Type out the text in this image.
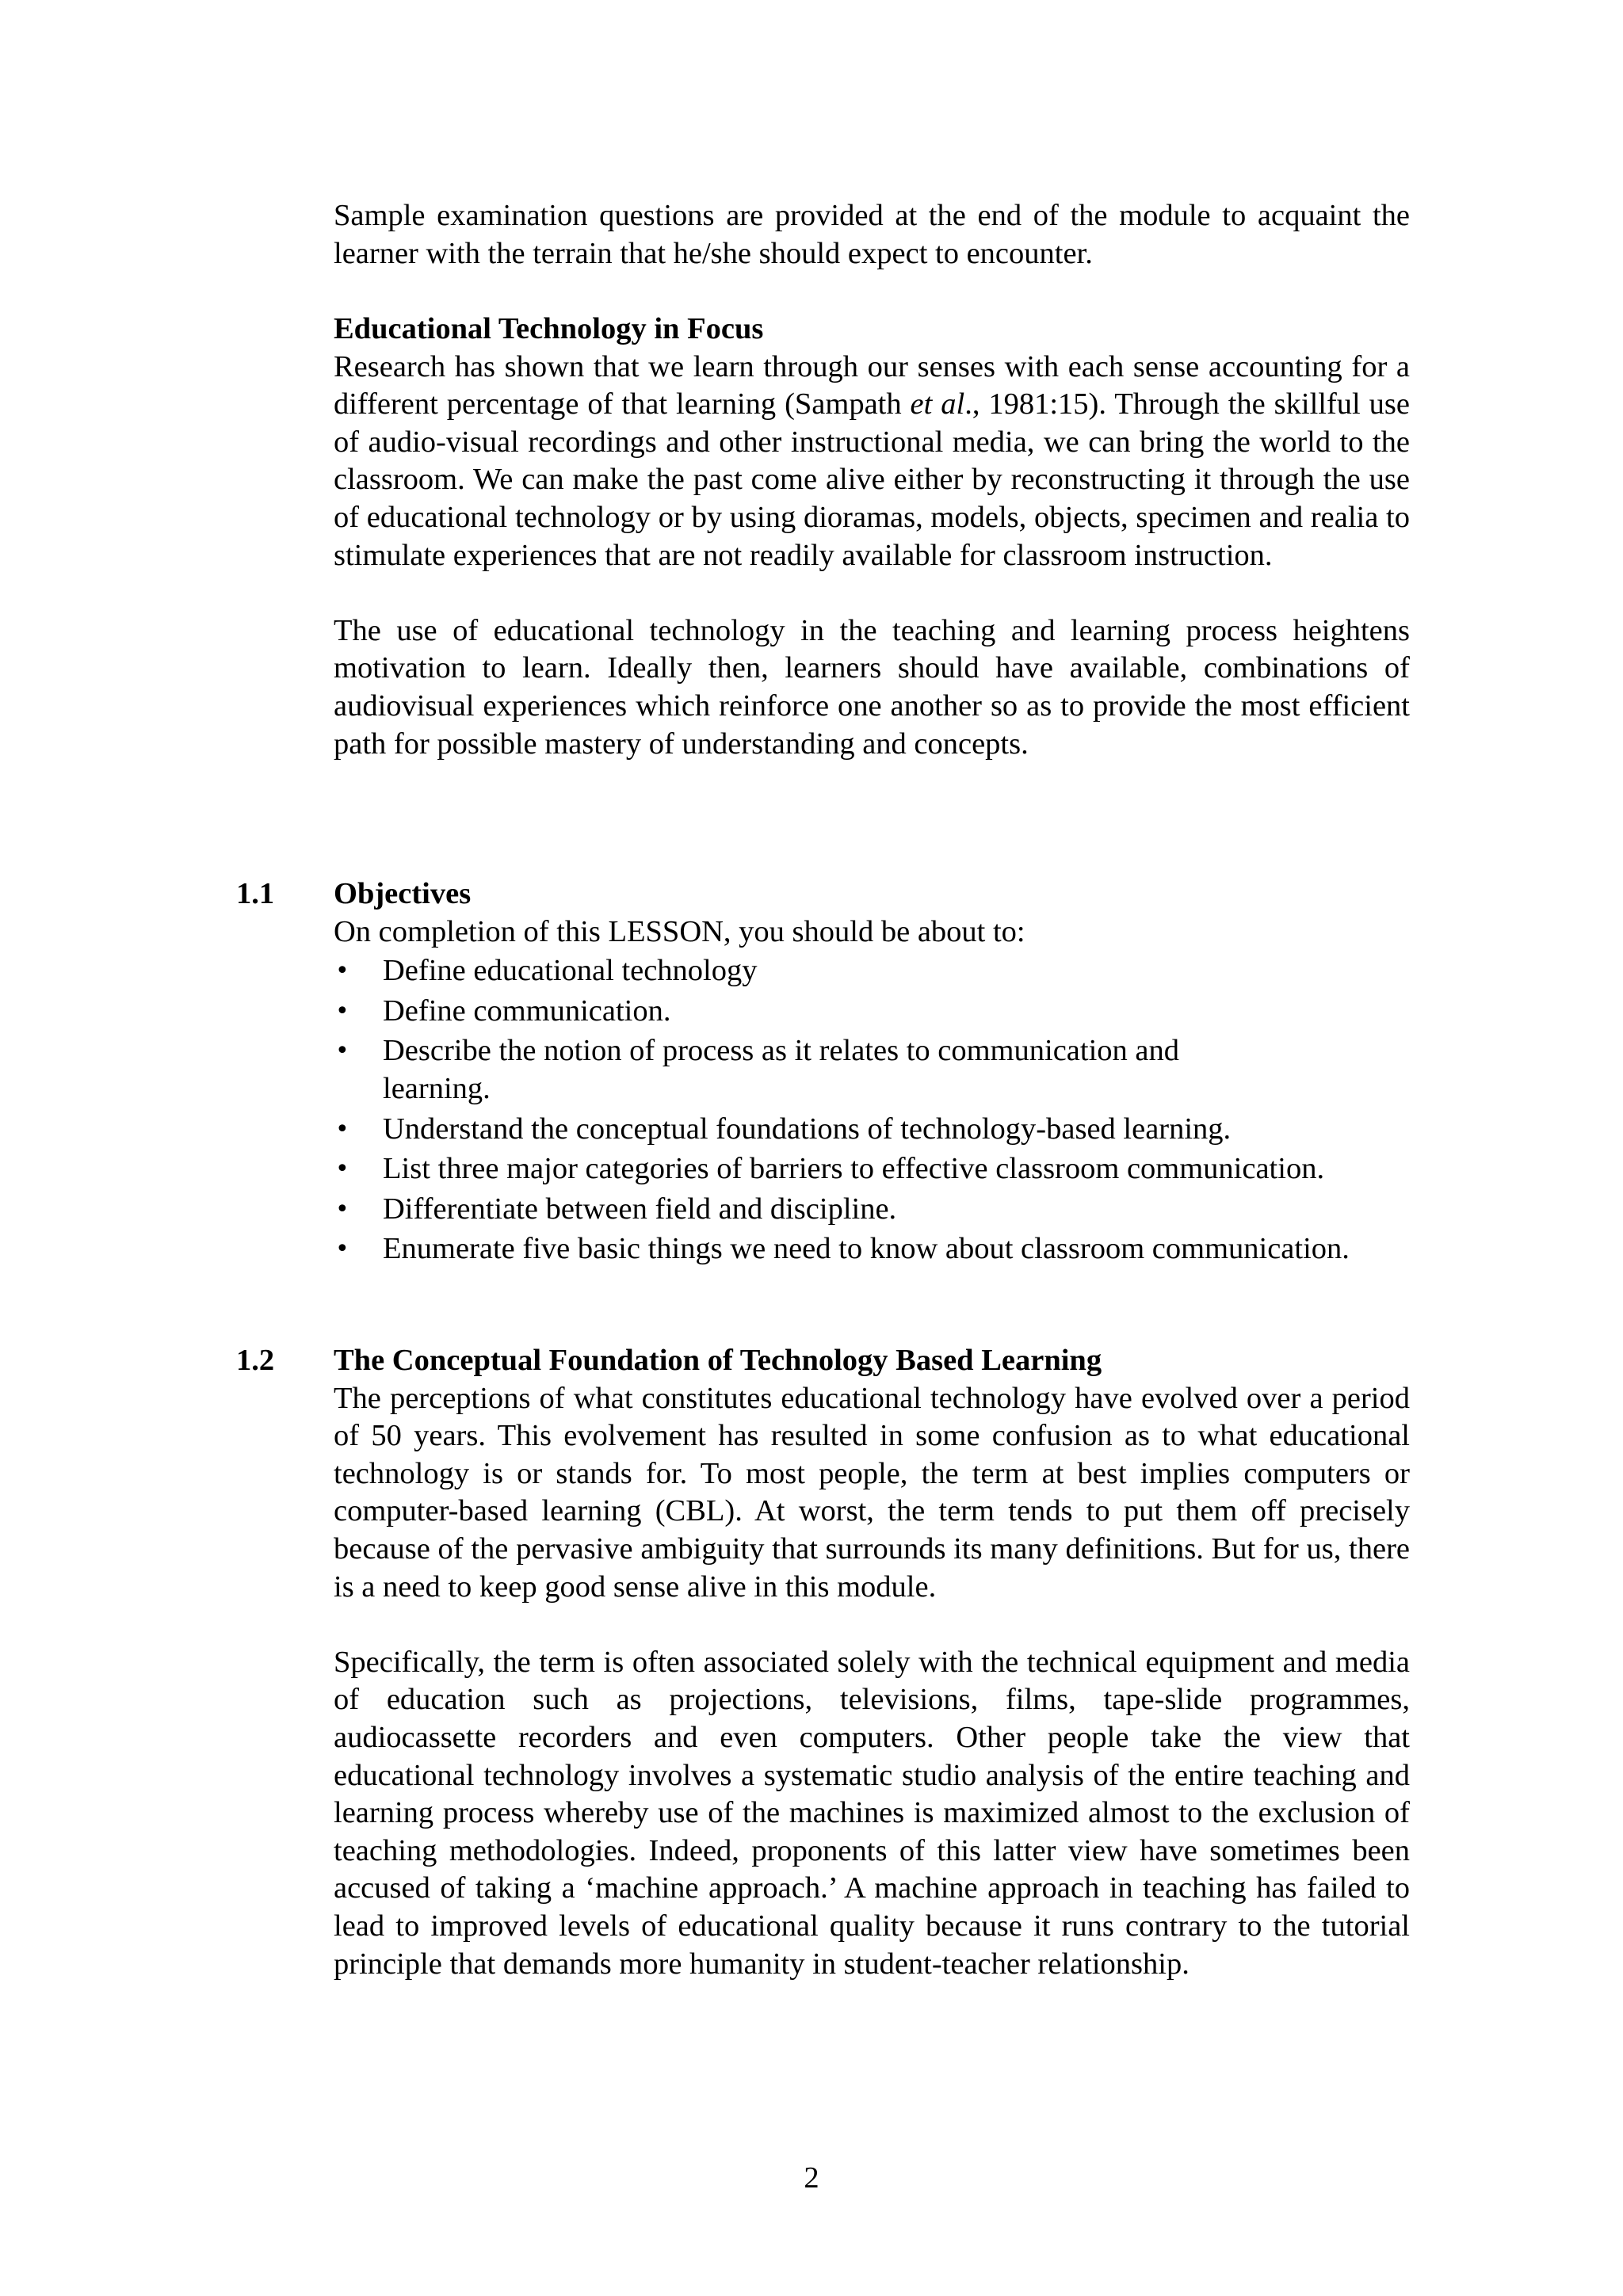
Sample examination questions are provided at the end of the module to acquaint the learner with the terrain that he/she should expect to encounter.

Educational Technology in Focus

Research has shown that we learn through our senses with each sense accounting for a different percentage of that learning (Sampath et al., 1981:15). Through the skillful use of audio-visual recordings and other instructional media, we can bring the world to the classroom. We can make the past come alive either by reconstructing it through the use of educational technology or by using dioramas, models, objects, specimen and realia to stimulate experiences that are not readily available for classroom instruction.

The use of educational technology in the teaching and learning process heightens motivation to learn. Ideally then, learners should have available, combinations of audiovisual experiences which reinforce one another so as to provide the most efficient path for possible mastery of understanding and concepts.

1.1 Objectives

On completion of this LESSON, you should be about to:

•	Define educational technology
•	Define communication.
•	Describe the notion of process as it relates to communication and learning.
•	Understand the conceptual foundations of technology-based learning.
•	List three major categories of barriers to effective classroom communication.
•	Differentiate between field and discipline.
•	Enumerate five basic things we need to know about classroom communication.
1.2 The Conceptual Foundation of Technology Based Learning

The perceptions of what constitutes educational technology have evolved over a period of 50 years. This evolvement has resulted in some confusion as to what educational technology is or stands for. To most people, the term at best implies computers or computer-based learning (CBL). At worst, the term tends to put them off precisely because of the pervasive ambiguity that surrounds its many definitions. But for us, there is a need to keep good sense alive in this module.

Specifically, the term is often associated solely with the technical equipment and media of education such as projections, televisions, films, tape-slide programmes, audiocassette recorders and even computers. Other people take the view that educational technology involves a systematic studio analysis of the entire teaching and learning process whereby use of the machines is maximized almost to the exclusion of teaching methodologies. Indeed, proponents of this latter view have sometimes been accused of taking a ‘machine approach.’ A machine approach in teaching has failed to lead to improved levels of educational quality because it runs contrary to the tutorial principle that demands more humanity in student-teacher relationship.

2
